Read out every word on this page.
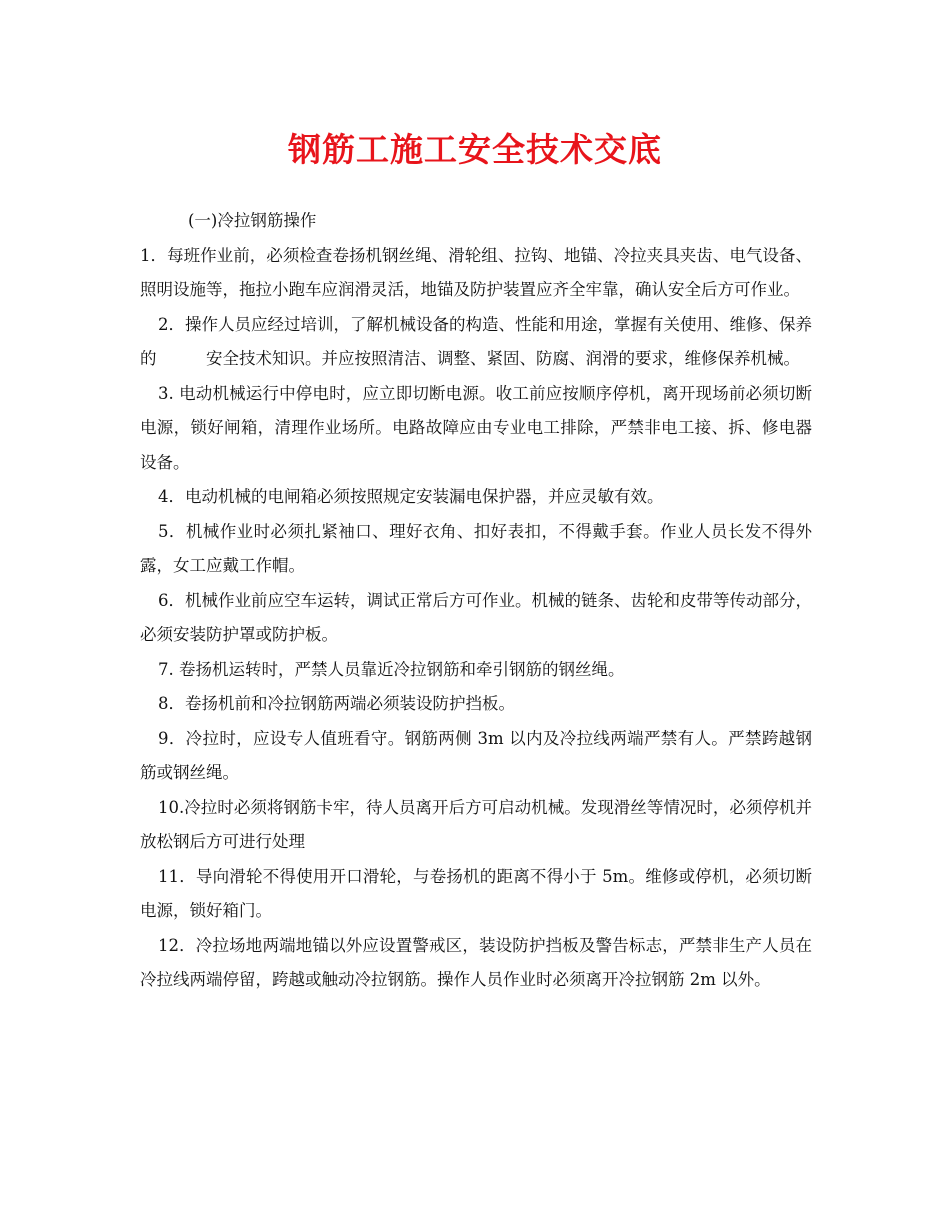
钢筋工施工安全技术交底

(一)冷拉钢筋操作

1．每班作业前，必须检查卷扬机钢丝绳、滑轮组、拉钩、地锚、冷拉夹具夹齿、电气设备、照明设施等，拖拉小跑车应润滑灵活，地锚及防护装置应齐全牢靠，确认安全后方可作业。

2．操作人员应经过培训，了解机械设备的构造、性能和用途，掌握有关使用、维修、保养的　　　安全技术知识。并应按照清洁、调整、紧固、防腐、润滑的要求，维修保养机械。

3. 电动机械运行中停电时，应立即切断电源。收工前应按顺序停机，离开现场前必须切断电源，锁好闸箱，清理作业场所。电路故障应由专业电工排除，严禁非电工接、拆、修电器设备。

4．电动机械的电闸箱必须按照规定安装漏电保护器，并应灵敏有效。

5．机械作业时必须扎紧袖口、理好衣角、扣好表扣，不得戴手套。作业人员长发不得外露，女工应戴工作帽。

6．机械作业前应空车运转，调试正常后方可作业。机械的链条、齿轮和皮带等传动部分，必须安装防护罩或防护板。

7. 卷扬机运转时，严禁人员靠近冷拉钢筋和牵引钢筋的钢丝绳。

8．卷扬机前和冷拉钢筋两端必须装设防护挡板。

9．冷拉时，应设专人值班看守。钢筋两侧 3m 以内及冷拉线两端严禁有人。严禁跨越钢筋或钢丝绳。

10.冷拉时必须将钢筋卡牢，待人员离开后方可启动机械。发现滑丝等情况时，必须停机并放松钢后方可进行处理

11．导向滑轮不得使用开口滑轮，与卷扬机的距离不得小于 5m。维修或停机，必须切断电源，锁好箱门。

12．冷拉场地两端地锚以外应设置警戒区，装设防护挡板及警告标志，严禁非生产人员在冷拉线两端停留，跨越或触动冷拉钢筋。操作人员作业时必须离开冷拉钢筋 2m 以外。
